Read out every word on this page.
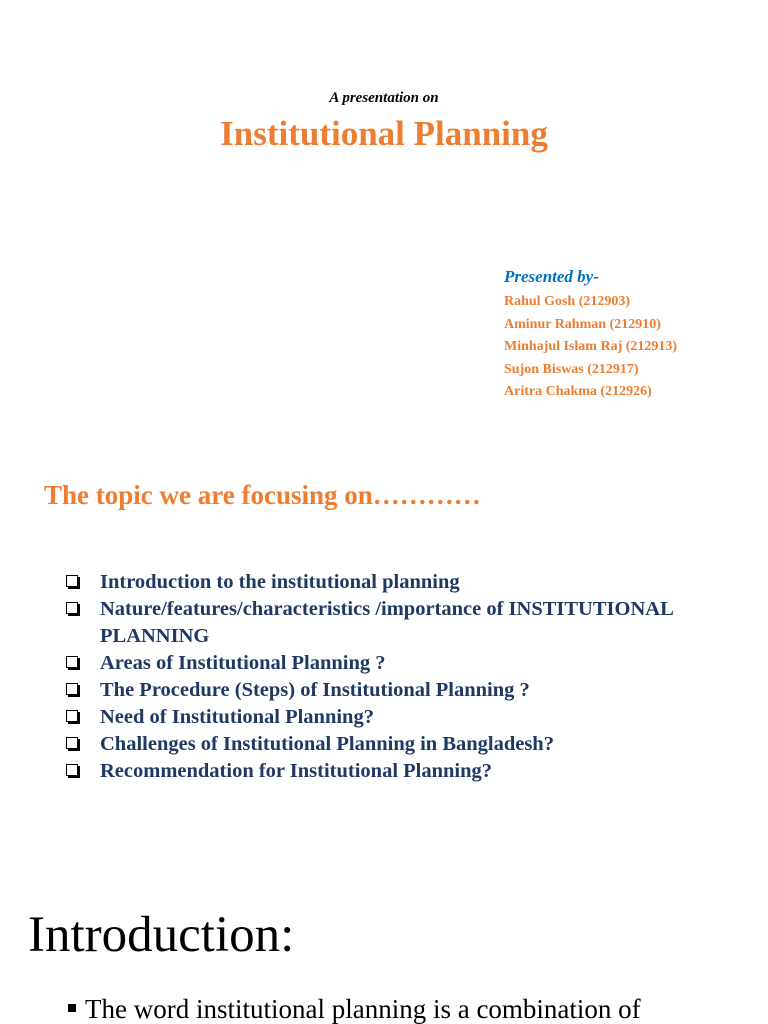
A presentation on
Institutional Planning
Presented by-
Rahul Gosh (212903)
Aminur Rahman (212910)
Minhajul Islam Raj (212913)
Sujon Biswas (212917)
Aritra Chakma (212926)
The topic we are focusing on…………
Introduction to the institutional planning
Nature/features/characteristics /importance of INSTITUTIONAL PLANNING
Areas of Institutional Planning ?
The Procedure (Steps) of Institutional Planning ?
Need of Institutional Planning?
Challenges of Institutional Planning in Bangladesh?
Recommendation for Institutional Planning?
Introduction:
The word institutional planning is a combination of
